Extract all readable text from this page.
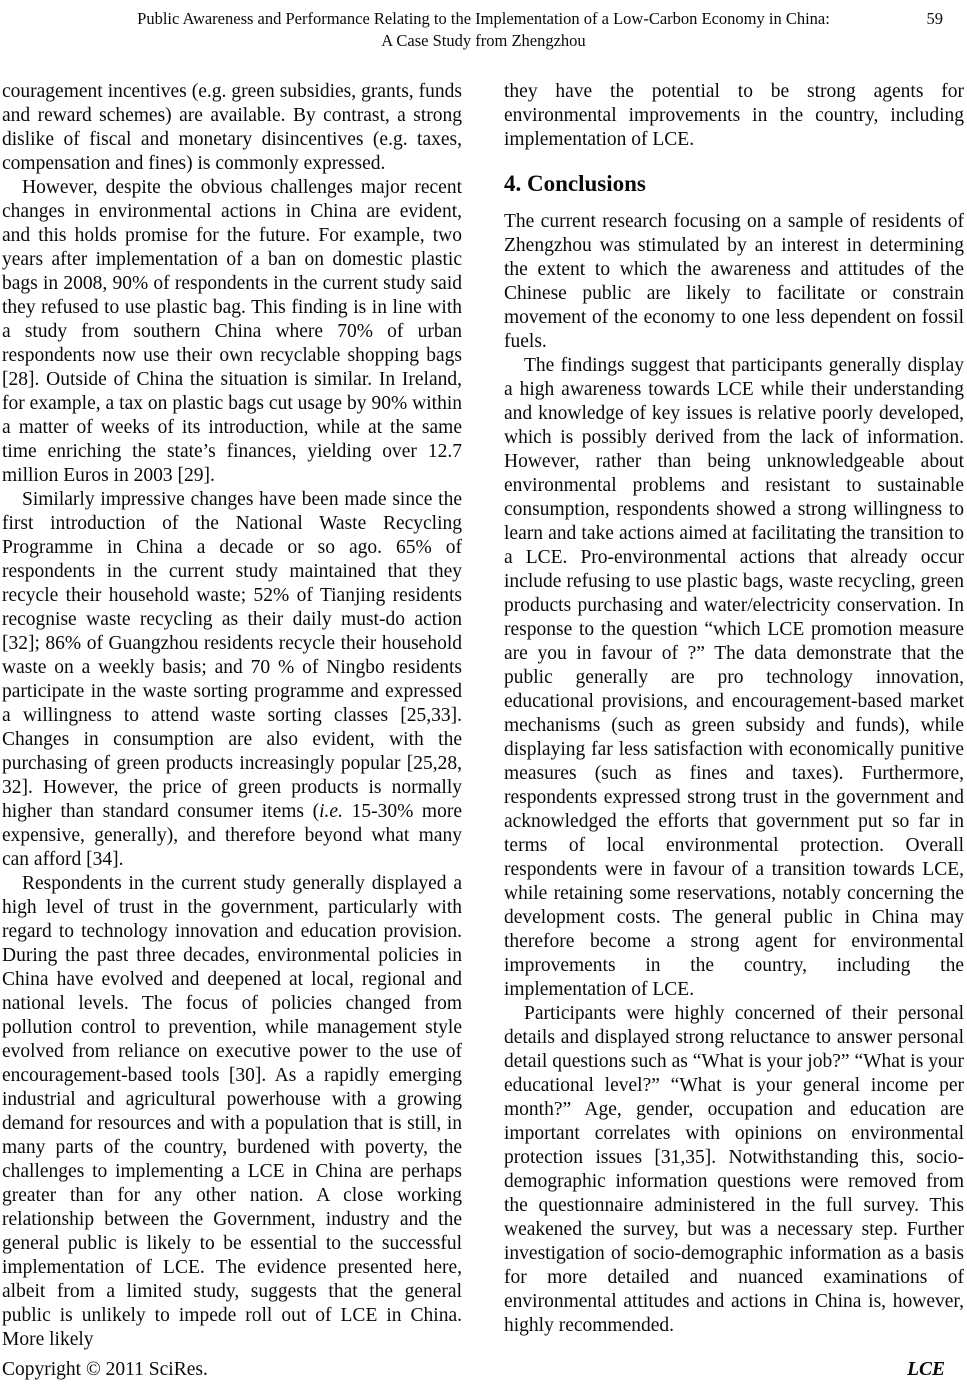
Public Awareness and Performance Relating to the Implementation of a Low-Carbon Economy in China:
A Case Study from Zhengzhou
59

couragement incentives (e.g. green subsidies, grants, funds and reward schemes) are available. By contrast, a strong dislike of fiscal and monetary disincentives (e.g. taxes, compensation and fines) is commonly expressed.

However, despite the obvious challenges major recent changes in environmental actions in China are evident, and this holds promise for the future. For example, two years after implementation of a ban on domestic plastic bags in 2008, 90% of respondents in the current study said they refused to use plastic bag. This finding is in line with a study from southern China where 70% of urban respondents now use their own recyclable shopping bags [28]. Outside of China the situation is similar. In Ireland, for example, a tax on plastic bags cut usage by 90% within a matter of weeks of its introduction, while at the same time enriching the state’s finances, yielding over 12.7 million Euros in 2003 [29].

Similarly impressive changes have been made since the first introduction of the National Waste Recycling Programme in China a decade or so ago. 65% of respondents in the current study maintained that they recycle their household waste; 52% of Tianjing residents recognise waste recycling as their daily must-do action [32]; 86% of Guangzhou residents recycle their household waste on a weekly basis; and 70 % of Ningbo residents participate in the waste sorting programme and expressed a willingness to attend waste sorting classes [25,33]. Changes in consumption are also evident, with the purchasing of green products increasingly popular [25,28, 32]. However, the price of green products is normally higher than standard consumer items (i.e. 15-30% more expensive, generally), and therefore beyond what many can afford [34].

Respondents in the current study generally displayed a high level of trust in the government, particularly with regard to technology innovation and education provision. During the past three decades, environmental policies in China have evolved and deepened at local, regional and national levels. The focus of policies changed from pollution control to prevention, while management style evolved from reliance on executive power to the use of encouragement-based tools [30]. As a rapidly emerging industrial and agricultural powerhouse with a growing demand for resources and with a population that is still, in many parts of the country, burdened with poverty, the challenges to implementing a LCE in China are perhaps greater than for any other nation. A close working relationship between the Government, industry and the general public is likely to be essential to the successful implementation of LCE. The evidence presented here, albeit from a limited study, suggests that the general public is unlikely to impede roll out of LCE in China. More likely

they have the potential to be strong agents for environmental improvements in the country, including implementation of LCE.

4. Conclusions

The current research focusing on a sample of residents of Zhengzhou was stimulated by an interest in determining the extent to which the awareness and attitudes of the Chinese public are likely to facilitate or constrain movement of the economy to one less dependent on fossil fuels.

The findings suggest that participants generally display a high awareness towards LCE while their understanding and knowledge of key issues is relative poorly developed, which is possibly derived from the lack of information. However, rather than being unknowledgeable about environmental problems and resistant to sustainable consumption, respondents showed a strong willingness to learn and take actions aimed at facilitating the transition to a LCE. Pro-environmental actions that already occur include refusing to use plastic bags, waste recycling, green products purchasing and water/electricity conservation. In response to the question “which LCE promotion measure are you in favour of ?” The data demonstrate that the public generally are pro technology innovation, educational provisions, and encouragement-based market mechanisms (such as green subsidy and funds), while displaying far less satisfaction with economically punitive measures (such as fines and taxes). Furthermore, respondents expressed strong trust in the government and acknowledged the efforts that government put so far in terms of local environmental protection. Overall respondents were in favour of a transition towards LCE, while retaining some reservations, notably concerning the development costs. The general public in China may therefore become a strong agent for environmental improvements in the country, including the implementation of LCE.

Participants were highly concerned of their personal details and displayed strong reluctance to answer personal detail questions such as “What is your job?” “What is your educational level?” “What is your general income per month?” Age, gender, occupation and education are important correlates with opinions on environmental protection issues [31,35]. Notwithstanding this, socio-demographic information questions were removed from the questionnaire administered in the full survey. This weakened the survey, but was a necessary step. Further investigation of socio-demographic information as a basis for more detailed and nuanced examinations of environmental attitudes and actions in China is, however, highly recommended.

Copyright © 2011 SciRes.	LCE
